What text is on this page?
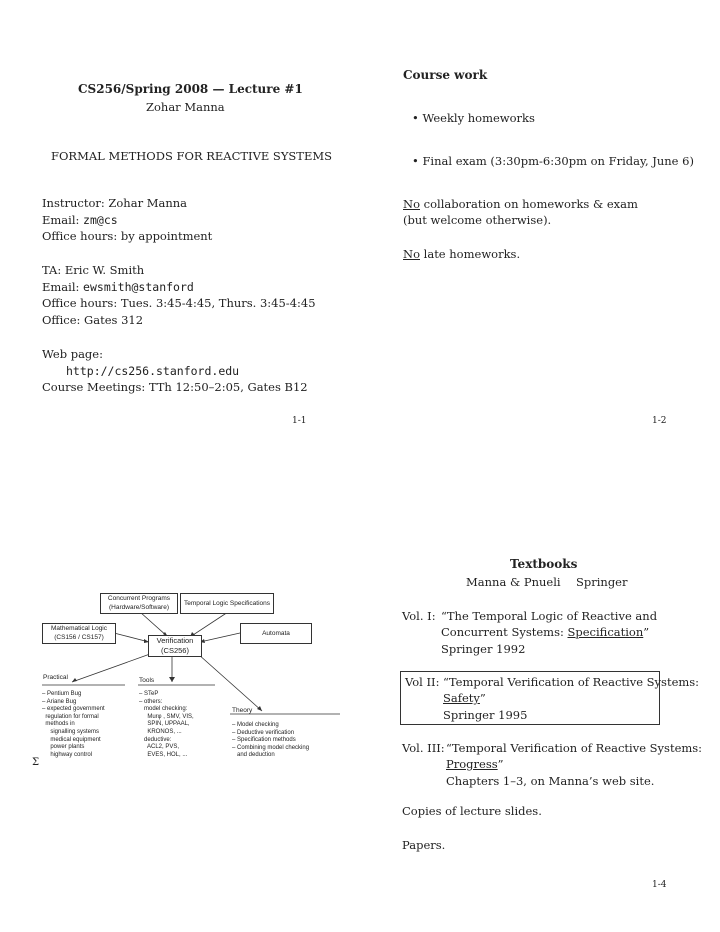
CS256/Spring 2008 — Lecture #1
Zohar Manna
FORMAL METHODS FOR REACTIVE SYSTEMS
Instructor: Zohar Manna
Email: zm@cs
Office hours: by appointment
TA: Eric W. Smith
Email: ewsmith@stanford
Office hours: Tues. 3:45-4:45, Thurs. 3:45-4:45
Office: Gates 312
Web page:
http://cs256.stanford.edu
Course Meetings: TTh 12:50–2:05, Gates B12
1-1
Course work
• Weekly homeworks
• Final exam (3:30pm-6:30pm on Friday, June 6)
No collaboration on homeworks & exam
(but welcome otherwise).
No late homeworks.
1-2
Concurrent Programs
(Hardware/Software)
Temporal Logic Specifications
Mathematical Logic
(CS156 / CS157)
Automata
Verification
(CS256)
Practical	Tools
Theory
– Pentium Bug
– Ariane Bug
– expected government
regulation for formal
methods in
signalling systems
medical equipment
power plants
highway control
– STeP
– others:
model checking:
Murφ , SMV, VIS,
SPIN, UPPAAL,
KRONOS, ...
deductive:
ACL2, PVS,
EVES, HOL, ...
– Model checking
– Deductive verification
– Specification methods
– Combining model checking
and deduction
Σ
Textbooks
Manna & Pnueli Springer
Vol. I: “The Temporal Logic of Reactive and
Concurrent Systems: Specification”
Springer 1992
Vol II: “Temporal Verification of Reactive Systems:
Safety”
Springer 1995
Vol. III: “Temporal Verification of Reactive Systems:
Progress”
Chapters 1–3, on Manna’s web site.
Copies of lecture slides.
Papers.
1-4
